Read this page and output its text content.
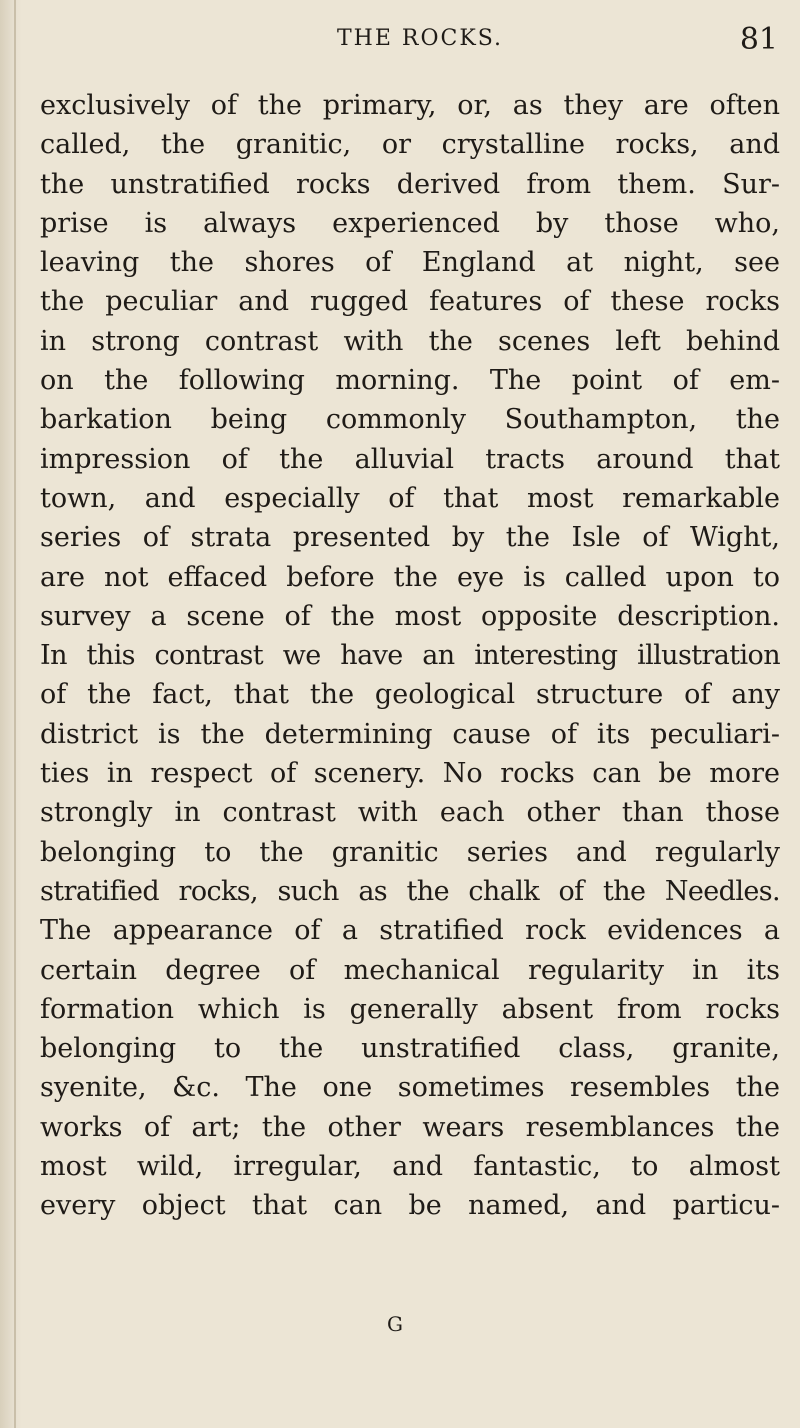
THE ROCKS.	81
exclusively of the primary, or, as they are often
called, the granitic, or crystalline rocks, and
the unstratified rocks derived from them. Sur-
prise is always experienced by those who,
leaving the shores of England at night, see
the peculiar and rugged features of these rocks
in strong contrast with the scenes left behind
on the following morning. The point of em-
barkation being commonly Southampton, the
impression of the alluvial tracts around that
town, and especially of that most remarkable
series of strata presented by the Isle of Wight,
are not effaced before the eye is called upon to
survey a scene of the most opposite description.
In this contrast we have an interesting illustration
of the fact, that the geological structure of any
district is the determining cause of its peculiari-
ties in respect of scenery. No rocks can be more
strongly in contrast with each other than those
belonging to the granitic series and regularly
stratified rocks, such as the chalk of the Needles.
The appearance of a stratified rock evidences a
certain degree of mechanical regularity in its
formation which is generally absent from rocks
belonging to the unstratified class, granite,
syenite, &c. The one sometimes resembles the
works of art; the other wears resemblances the
most wild, irregular, and fantastic, to almost
every object that can be named, and particu-
G
